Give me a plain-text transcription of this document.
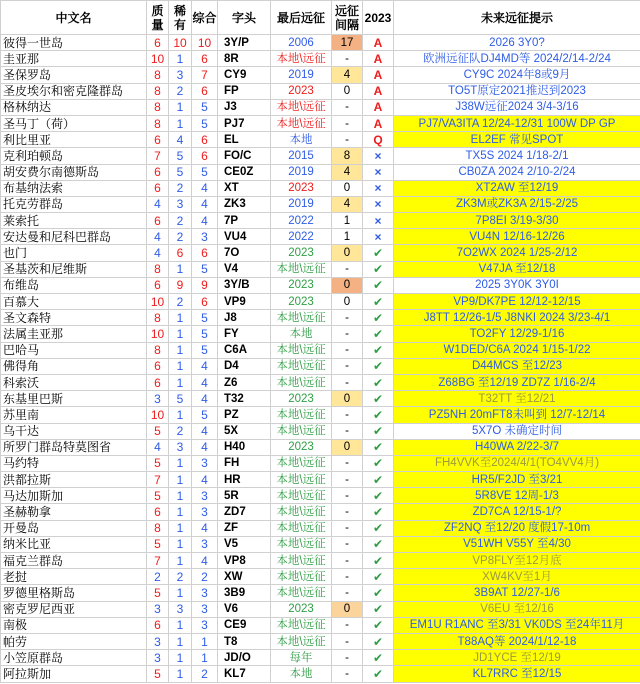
中文名	质量	稀有	综合	字头	最后远征	远征间隔	2023	未来远征提示
彼得一世岛	6	10	10	3Y/P	2006	17	A	2026 3Y0?
圭亚那	10	1	6	8R	本地\远征	-	A	欧洲远征队DJ4MD等 2024/2/14-2/24
圣保罗岛	8	3	7	CY9	2019	4	A	CY9C 2024年8或9月
圣皮埃尔和密克隆群岛	8	2	6	FP	2023	0	A	TO5T原定2021推迟到2023
格林纳达	8	1	5	J3	本地\远征	-	A	J38W远征2024 3/4-3/16
圣马丁（荷）	8	1	5	PJ7	本地\远征	-	A	PJ7/VA3ITA 12/24-12/31 100W DP GP
利比里亚	6	4	6	EL	本地	-	Q	EL2EF 常见SPOT
克利珀顿岛	7	5	6	FO/C	2015	8	×	TX5S 2024 1/18-2/1
胡安费尔南德斯岛	6	5	5	CE0Z	2019	4	×	CB0ZA 2024 2/10-2/24
布基纳法索	6	2	4	XT	2023	0	×	XT2AW 至12/19
托克劳群岛	4	3	4	ZK3	2019	4	×	ZK3M或ZK3A 2/15-2/25
莱索托	6	2	4	7P	2022	1	×	7P8EI 3/19-3/30
安达曼和尼科巴群岛	4	2	3	VU4	2022	1	×	VU4N 12/16-12/26
也门	4	6	6	7O	2023	0	✔	7O2WX 2024 1/25-2/12
圣基茨和尼维斯	8	1	5	V4	本地\远征	-	✔	V47JA 至12/18
布维岛	6	9	9	3Y/B	2023	0	✔	2025 3Y0K 3Y0I
百慕大	10	2	6	VP9	2023	0	✔	VP9/DK7PE 12/12-12/15
圣文森特	8	1	5	J8	本地\远征	-	✔	J8TT 12/26-1/5 J8NKI 2024 3/23-4/1
法属圭亚那	10	1	5	FY	本地	-	✔	TO2FY 12/29-1/16
巴哈马	8	1	5	C6A	本地\远征	-	✔	W1DED/C6A 2024 1/15-1/22
佛得角	6	1	4	D4	本地\远征	-	✔	D44MCS 至12/23
科索沃	6	1	4	Z6	本地\远征	-	✔	Z68BG 至12/19 ZD7Z 1/16-2/4
东基里巴斯	3	5	4	T32	2023	0	✔	T32TT 至12/21
苏里南	10	1	5	PZ	本地\远征	-	✔	PZ5NH 20mFT8未叫到 12/7-12/14
乌干达	5	2	4	5X	本地\远征	-	✔	5X7O 未确定时间
所罗门群岛特莫图省	4	3	4	H40	2023	0	✔	H40WA 2/22-3/7
马约特	5	1	3	FH	本地\远征	-	✔	FH4VVK至2024/4/1(TO4VV4月)
洪都拉斯	7	1	4	HR	本地\远征	-	✔	HR5/F2JD 至3/21
马达加斯加	5	1	3	5R	本地\远征	-	✔	5R8VE 12周-1/3
圣赫勒拿	6	1	3	ZD7	本地\远征	-	✔	ZD7CA 12/15-1/?
开曼岛	8	1	4	ZF	本地\远征	-	✔	ZF2NQ 至12/20 度假17-10m
纳米比亚	5	1	3	V5	本地\远征	-	✔	V51WH V55Y 至4/30
福克兰群岛	7	1	4	VP8	本地\远征	-	✔	VP8FLY至12月底
老挝	2	2	2	XW	本地\远征	-	✔	XW4KV至1月
罗德里格斯岛	5	1	3	3B9	本地\远征	-	✔	3B9AT 12/27-1/6
密克罗尼西亚	3	3	3	V6	2023	0	✔	V6EU 至12/16
南极	6	1	3	CE9	本地\远征	-	✔	EM1U R1ANC 至3/31 VK0DS 至24年11月
帕劳	3	1	1	T8	本地\远征	-	✔	T88AQ等 2024/1/12-18
小笠原群岛	3	1	1	JD/O	每年	-	✔	JD1YCE 至12/19
阿拉斯加	5	1	2	KL7	本地	-	✔	KL7RRC 至12/15
